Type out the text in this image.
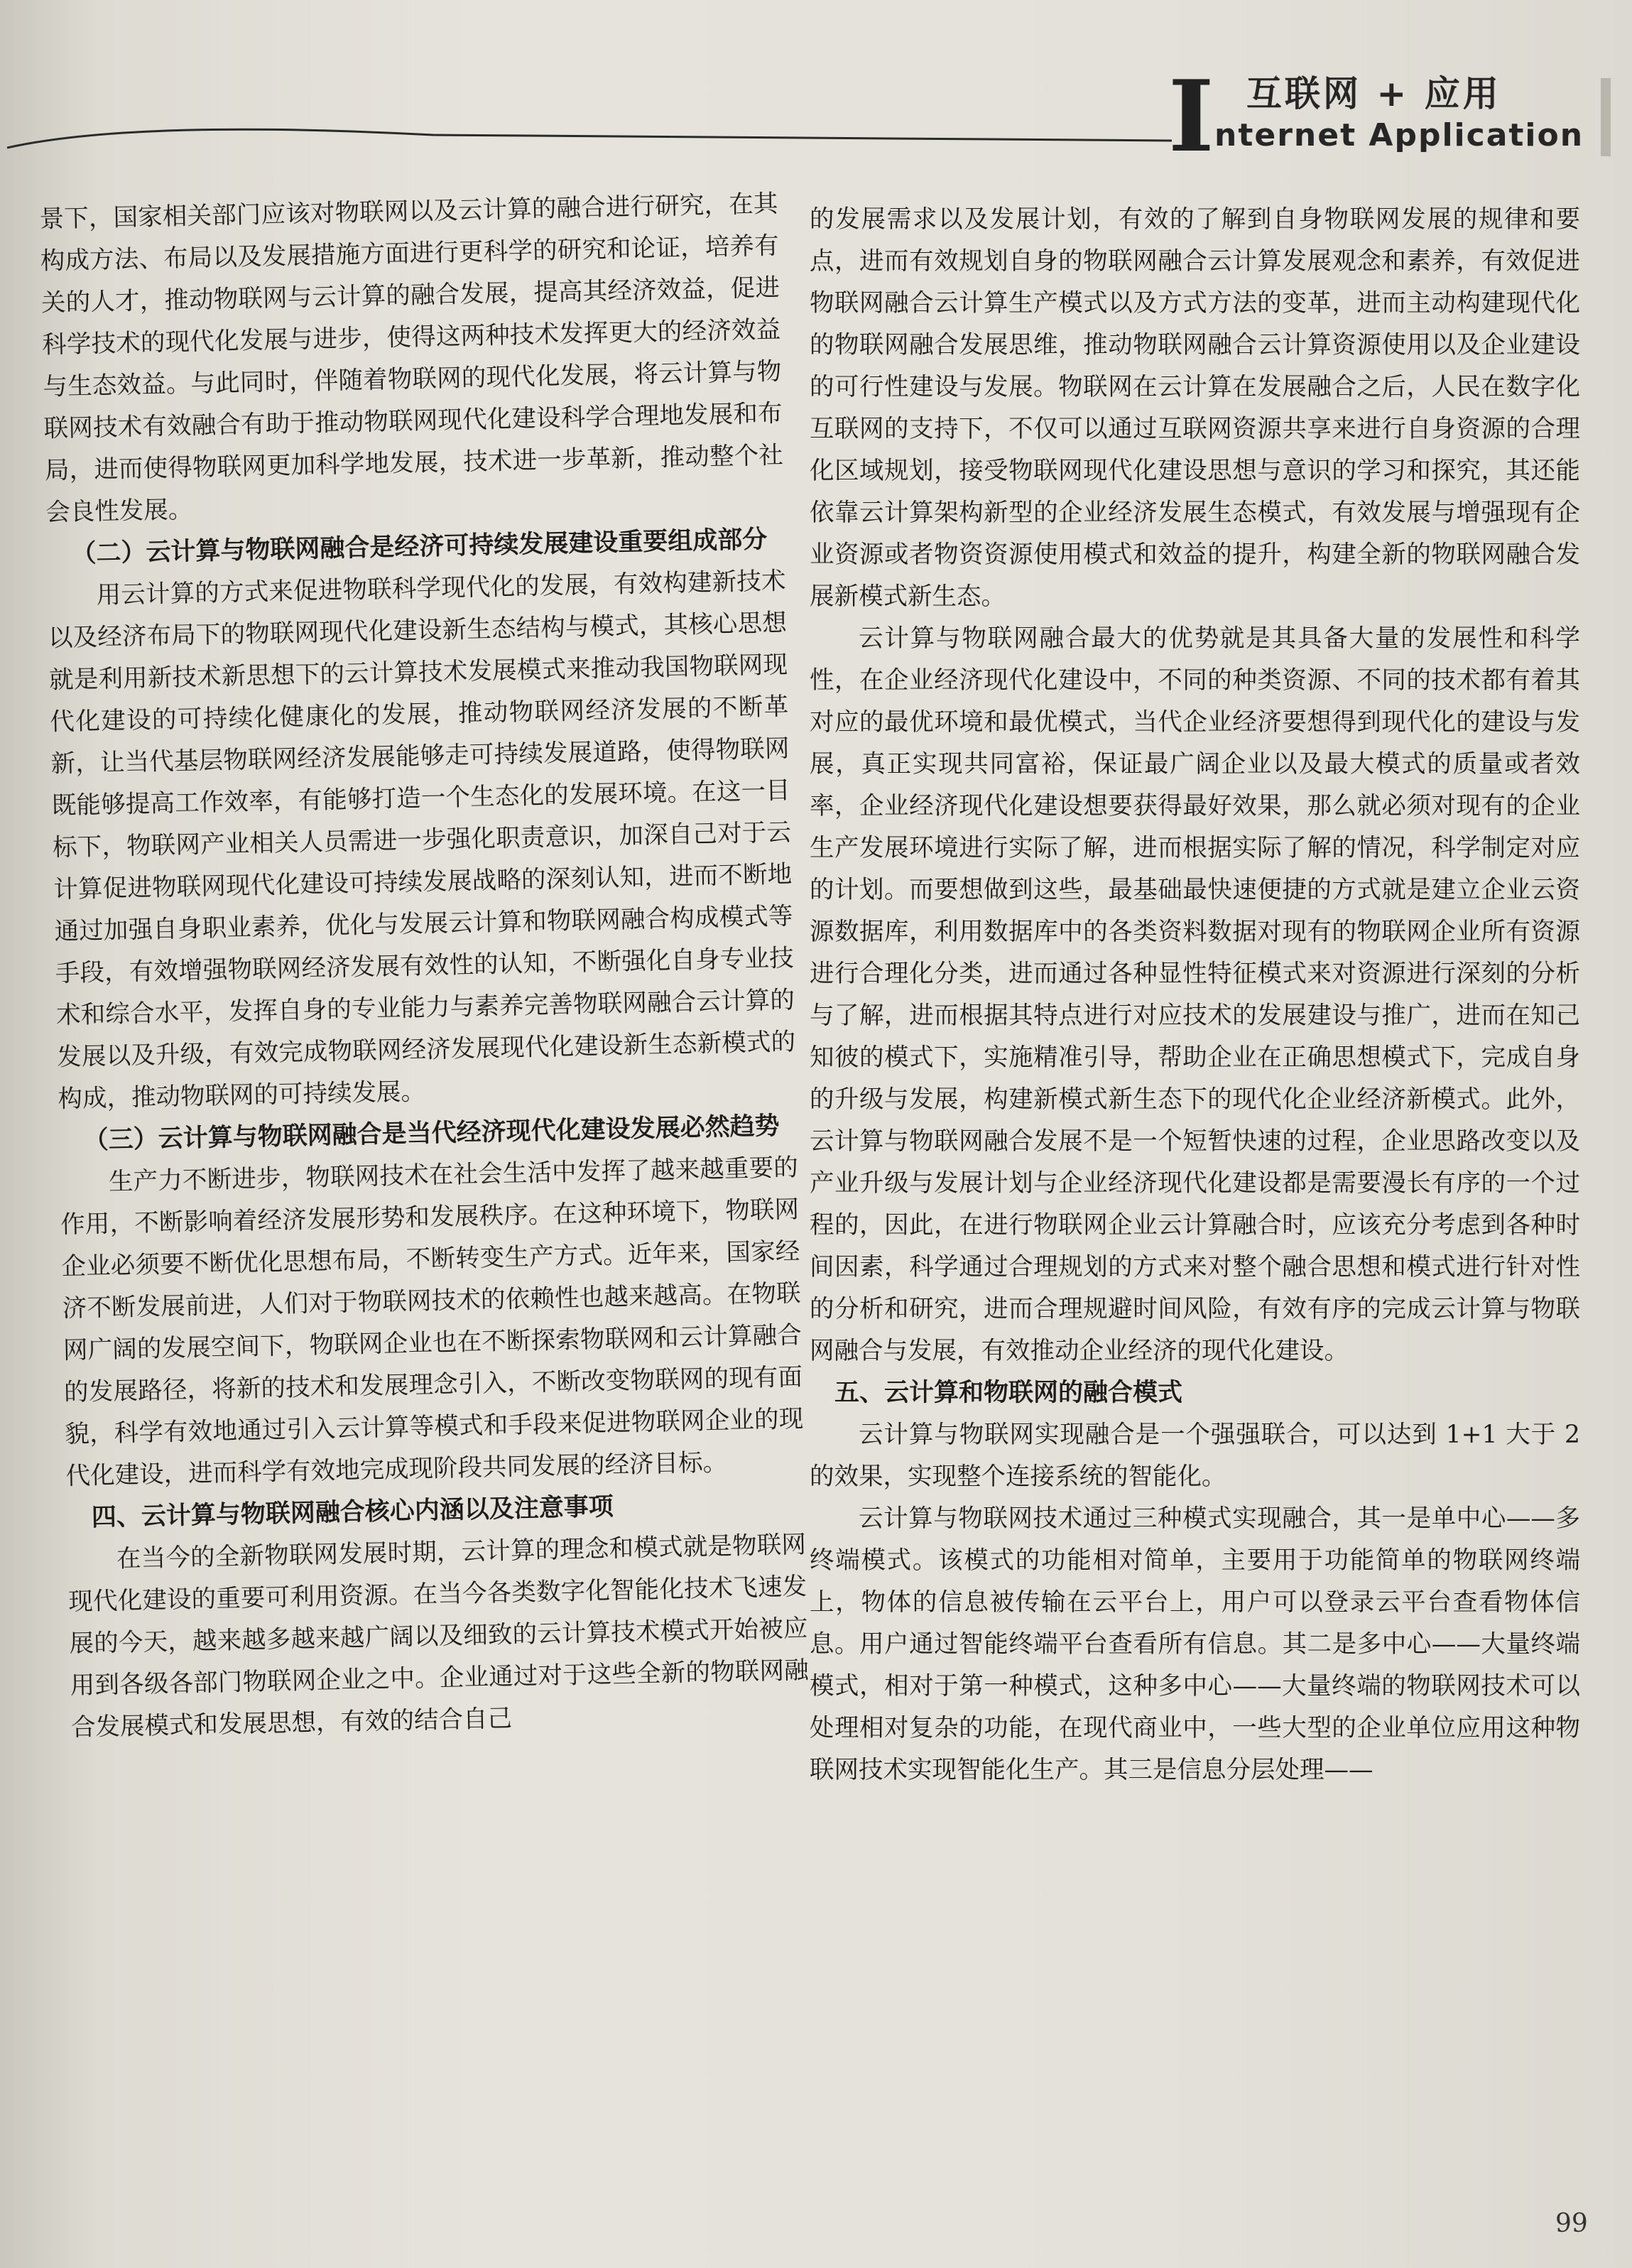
I 互联网 + 应用
nternet Application

景下，国家相关部门应该对物联网以及云计算的融合进行研究，在其构成方法、布局以及发展措施方面进行更科学的研究和论证，培养有关的人才，推动物联网与云计算的融合发展，提高其经济效益，促进科学技术的现代化发展与进步，使得这两种技术发挥更大的经济效益与生态效益。与此同时，伴随着物联网的现代化发展，将云计算与物联网技术有效融合有助于推动物联网现代化建设科学合理地发展和布局，进而使得物联网更加科学地发展，技术进一步革新，推动整个社会良性发展。

（二）云计算与物联网融合是经济可持续发展建设重要组成部分

用云计算的方式来促进物联科学现代化的发展，有效构建新技术以及经济布局下的物联网现代化建设新生态结构与模式，其核心思想就是利用新技术新思想下的云计算技术发展模式来推动我国物联网现代化建设的可持续化健康化的发展，推动物联网经济发展的不断革新，让当代基层物联网经济发展能够走可持续发展道路，使得物联网既能够提高工作效率，有能够打造一个生态化的发展环境。在这一目标下，物联网产业相关人员需进一步强化职责意识，加深自己对于云计算促进物联网现代化建设可持续发展战略的深刻认知，进而不断地通过加强自身职业素养，优化与发展云计算和物联网融合构成模式等手段，有效增强物联网经济发展有效性的认知，不断强化自身专业技术和综合水平，发挥自身的专业能力与素养完善物联网融合云计算的发展以及升级，有效完成物联网经济发展现代化建设新生态新模式的构成，推动物联网的可持续发展。

（三）云计算与物联网融合是当代经济现代化建设发展必然趋势

生产力不断进步，物联网技术在社会生活中发挥了越来越重要的作用，不断影响着经济发展形势和发展秩序。在这种环境下，物联网企业必须要不断优化思想布局，不断转变生产方式。近年来，国家经济不断发展前进，人们对于物联网技术的依赖性也越来越高。在物联网广阔的发展空间下，物联网企业也在不断探索物联网和云计算融合的发展路径，将新的技术和发展理念引入，不断改变物联网的现有面貌，科学有效地通过引入云计算等模式和手段来促进物联网企业的现代化建设，进而科学有效地完成现阶段共同发展的经济目标。

四、云计算与物联网融合核心内涵以及注意事项

在当今的全新物联网发展时期，云计算的理念和模式就是物联网现代化建设的重要可利用资源。在当今各类数字化智能化技术飞速发展的今天，越来越多越来越广阔以及细致的云计算技术模式开始被应用到各级各部门物联网企业之中。企业通过对于这些全新的物联网融合发展模式和发展思想，有效的结合自己

的发展需求以及发展计划，有效的了解到自身物联网发展的规律和要点，进而有效规划自身的物联网融合云计算发展观念和素养，有效促进物联网融合云计算生产模式以及方式方法的变革，进而主动构建现代化的物联网融合发展思维，推动物联网融合云计算资源使用以及企业建设的可行性建设与发展。物联网在云计算在发展融合之后，人民在数字化互联网的支持下，不仅可以通过互联网资源共享来进行自身资源的合理化区域规划，接受物联网现代化建设思想与意识的学习和探究，其还能依靠云计算架构新型的企业经济发展生态模式，有效发展与增强现有企业资源或者物资资源使用模式和效益的提升，构建全新的物联网融合发展新模式新生态。

云计算与物联网融合最大的优势就是其具备大量的发展性和科学性，在企业经济现代化建设中，不同的种类资源、不同的技术都有着其对应的最优环境和最优模式，当代企业经济要想得到现代化的建设与发展，真正实现共同富裕，保证最广阔企业以及最大模式的质量或者效率，企业经济现代化建设想要获得最好效果，那么就必须对现有的企业生产发展环境进行实际了解，进而根据实际了解的情况，科学制定对应的计划。而要想做到这些，最基础最快速便捷的方式就是建立企业云资源数据库，利用数据库中的各类资料数据对现有的物联网企业所有资源进行合理化分类，进而通过各种显性特征模式来对资源进行深刻的分析与了解，进而根据其特点进行对应技术的发展建设与推广，进而在知己知彼的模式下，实施精准引导，帮助企业在正确思想模式下，完成自身的升级与发展，构建新模式新生态下的现代化企业经济新模式。此外，云计算与物联网融合发展不是一个短暂快速的过程，企业思路改变以及产业升级与发展计划与企业经济现代化建设都是需要漫长有序的一个过程的，因此，在进行物联网企业云计算融合时，应该充分考虑到各种时间因素，科学通过合理规划的方式来对整个融合思想和模式进行针对性的分析和研究，进而合理规避时间风险，有效有序的完成云计算与物联网融合与发展，有效推动企业经济的现代化建设。

五、云计算和物联网的融合模式

云计算与物联网实现融合是一个强强联合，可以达到 1+1 大于 2 的效果，实现整个连接系统的智能化。

云计算与物联网技术通过三种模式实现融合，其一是单中心——多终端模式。该模式的功能相对简单，主要用于功能简单的物联网终端上，物体的信息被传输在云平台上，用户可以登录云平台查看物体信息。用户通过智能终端平台查看所有信息。其二是多中心——大量终端模式，相对于第一种模式，这种多中心——大量终端的物联网技术可以处理相对复杂的功能，在现代商业中，一些大型的企业单位应用这种物联网技术实现智能化生产。其三是信息分层处理——

99
